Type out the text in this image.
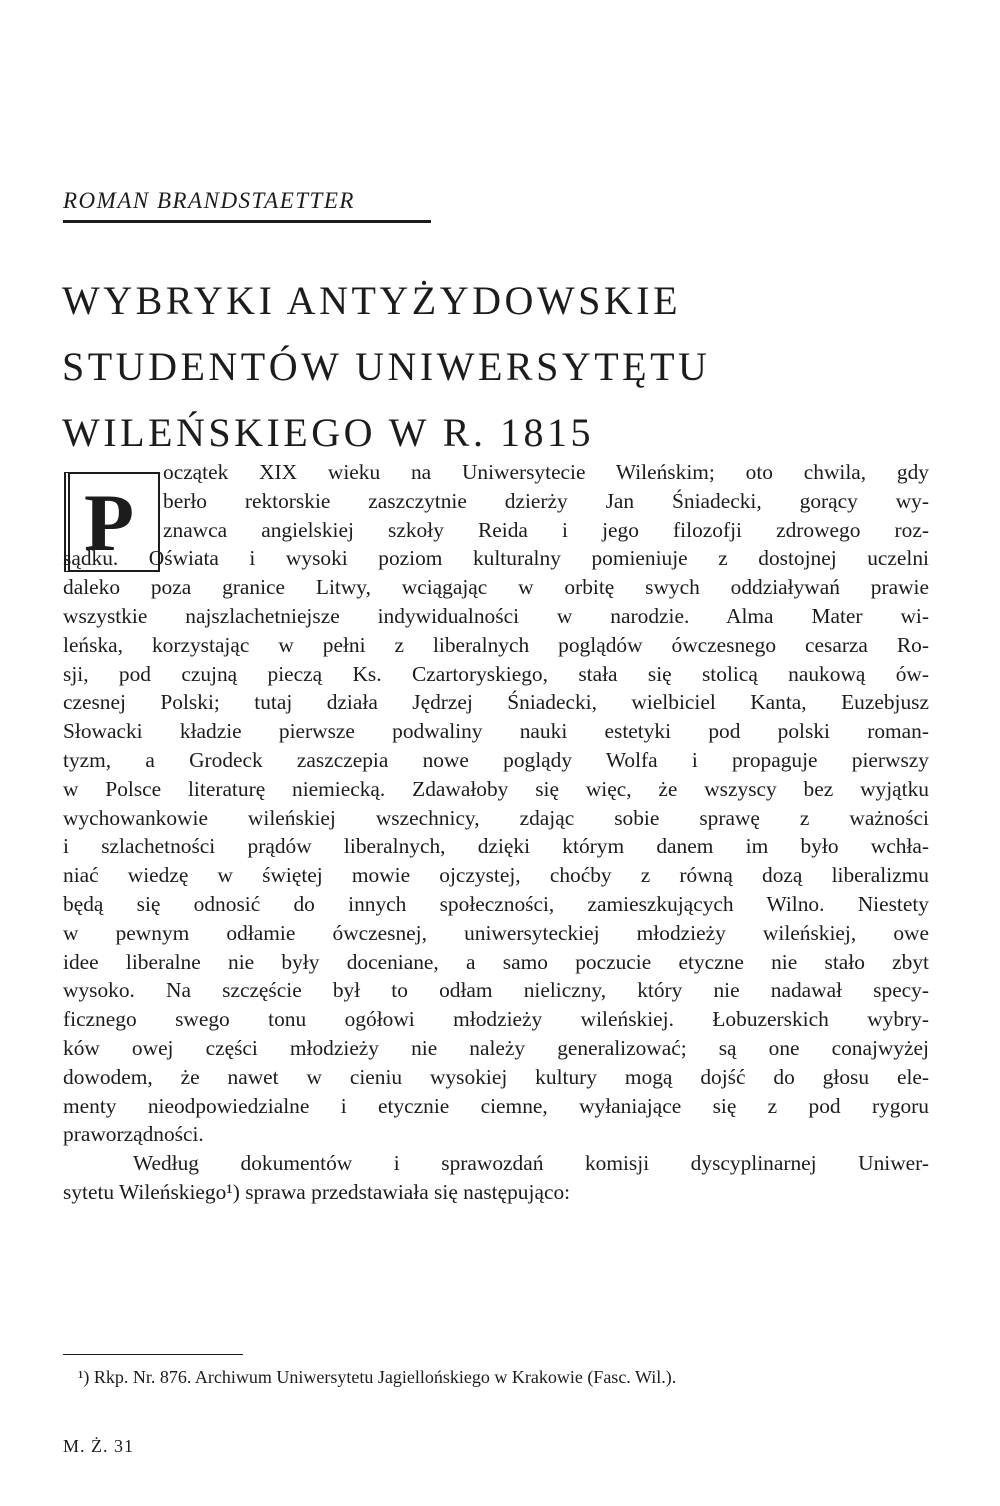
ROMAN BRANDSTAETTER
WYBRYKI ANTYŻYDOWSKIE
STUDENTÓW UNIWERSYTĘTU
WILEŃSKIEGO W R. 1815
P
oczątek XIX wieku na Uniwersytecie Wileńskim; oto chwila, gdy
berło rektorskie zaszczytnie dzierży Jan Śniadecki, gorący wy-
znawca angielskiej szkoły Reida i jego filozofji zdrowego roz-
sądku. Oświata i wysoki poziom kulturalny pomieniuje z dostojnej uczelni
daleko poza granice Litwy, wciągając w orbitę swych oddziaływań prawie
wszystkie najszlachetniejsze indywidualności w narodzie. Alma Mater wi-
leńska, korzystając w pełni z liberalnych poglądów ówczesnego cesarza Ro-
sji, pod czujną pieczą Ks. Czartoryskiego, stała się stolicą naukową ów-
czesnej Polski; tutaj działa Jędrzej Śniadecki, wielbiciel Kanta, Euzebjusz
Słowacki kładzie pierwsze podwaliny nauki estetyki pod polski roman-
tyzm, a Grodeck zaszczepia nowe poglądy Wolfa i propaguje pierwszy
w Polsce literaturę niemiecką. Zdawałoby się więc, że wszyscy bez wyjątku
wychowankowie wileńskiej wszechnicy, zdając sobie sprawę z ważności
i szlachetności prądów liberalnych, dzięki którym danem im było wchła-
niać wiedzę w świętej mowie ojczystej, choćby z równą dozą liberalizmu
będą się odnosić do innych społeczności, zamieszkujących Wilno. Niestety
w pewnym odłamie ówczesnej, uniwersyteckiej młodzieży wileńskiej, owe
idee liberalne nie były doceniane, a samo poczucie etyczne nie stało zbyt
wysoko. Na szczęście był to odłam nieliczny, który nie nadawał specy-
ficznego swego tonu ogółowi młodzieży wileńskiej. Łobuzerskich wybry-
ków owej części młodzieży nie należy generalizować; są one conajwyżej
dowodem, że nawet w cieniu wysokiej kultury mogą dojść do głosu ele-
menty nieodpowiedzialne i etycznie ciemne, wyłaniające się z pod rygoru
praworządności.
Według dokumentów i sprawozdań komisji dyscyplinarnej Uniwer-
sytetu Wileńskiego¹) sprawa przedstawiała się następująco:
¹) Rkp. Nr. 876. Archiwum Uniwersytetu Jagiellońskiego w Krakowie (Fasc. Wil.).
M. Ż. 31
